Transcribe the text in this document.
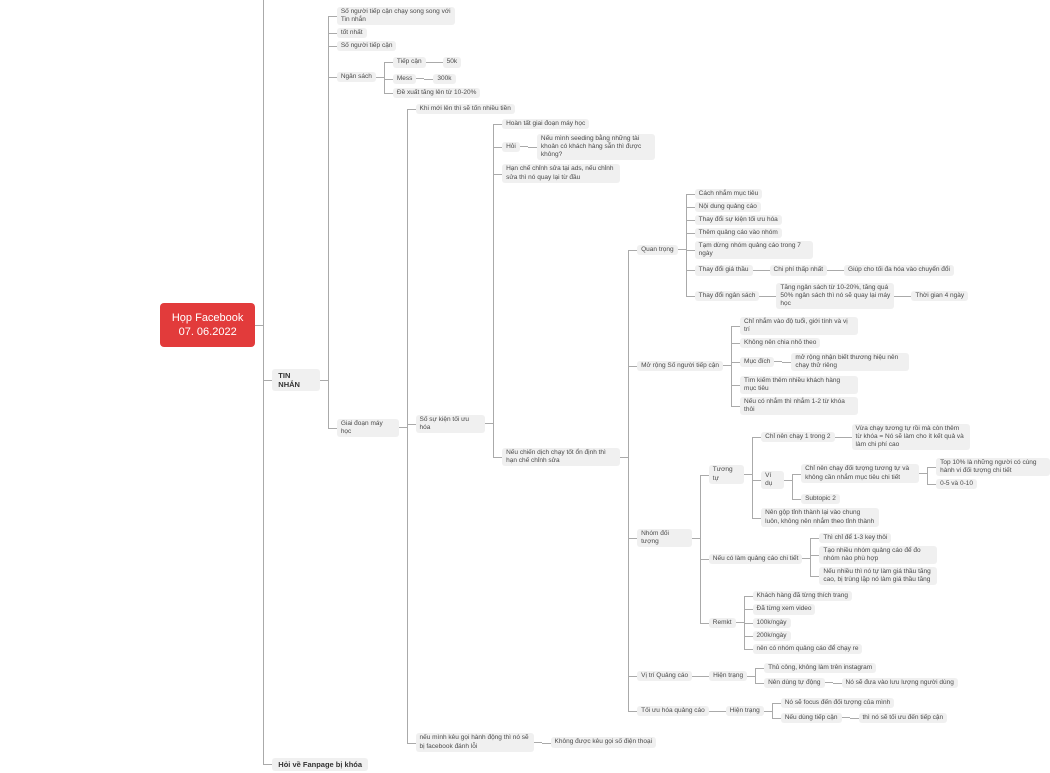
Họp Facebook 07. 06.2022
TIN NHẮN
Số người tiếp cận chạy song song với Tin nhắn
tốt nhất
Số người tiếp cận
Ngân sách
Tiếp cận	50k
Mess	300k
Đề xuất tăng lên từ 10-20%
Giai đoạn máy học
Khi mới lên thì sẽ tốn nhiều tiền
Số sự kiện tối ưu hóa
Hoàn tất giai đoạn máy học
Hỏi
Nếu mình seeding bằng những tài khoản có khách hàng sẵn thì được không?
Hạn chế chỉnh sửa tại ads, nếu chỉnh sửa thì nó quay lại từ đầu
Nếu chiến dịch chạy tốt ổn định thì hạn chế chỉnh sửa
Quan trọng
Cách nhắm mục tiêu
Nội dung quảng cáo
Thay đổi sự kiện tối ưu hóa
Thêm quảng cáo vào nhóm
Tạm dừng nhóm quảng cáo trong 7 ngày
Thay đổi giá thầu	Chi phí thấp nhất	Giúp cho tối đa hóa vào chuyển đổi
Thay đổi ngân sách
Tăng ngân sách từ 10-20%, tăng quá 50% ngân sách thì nó sẽ quay lại máy học
Thời gian 4 ngày
Mở rộng Số người tiếp cận
Chỉ nhắm vào độ tuổi, giới tính và vị trí
Không nên chia nhỏ theo
Mục đích
mở rộng nhận biết thương hiệu nên chạy thử riêng
Tìm kiếm thêm nhiều khách hàng mục tiêu
Nếu có nhắm thì nhắm 1-2 từ khóa thôi
Nhóm đối tượng
Tương tự
Chỉ nên chạy 1 trong 2
Vừa chạy tương tự rồi mà còn thêm từ khóa = Nó sẽ làm cho ít kết quả và làm chi phí cao
Ví dụ
Chỉ nên chạy đối tượng tương tự và không cần nhắm mục tiêu chi tiết
Top 10% là những người có cùng hành vi đối tượng chi tiết
0-5 và 0-10
Subtopic 2
Nên gộp tỉnh thành lại vào chung luôn, không nên nhắm theo tỉnh thành
Nếu có làm quảng cáo chi tiết
Thì chỉ để 1-3 key thôi
Tạo nhiều nhóm quảng cáo để đo nhóm nào phù hợp
Nếu nhiều thì nó tự làm giá thầu tăng cao, bị trùng lặp nó làm giá thầu tăng
Remkt
Khách hàng đã từng thích trang
Đã từng xem video
100k/ngày
200k/ngày
nên có nhóm quảng cáo để chạy re
Vị trí Quảng cáo	Hiện trạng
Thủ công, không làm trên instagram
Nên dùng tự động	Nó sẽ đưa vào lưu lượng người dùng
Tối ưu hóa quảng cáo	Hiện trạng
Nó sẽ focus đến đối tượng của mình
Nếu dùng tiếp cận	thì nó sẽ tối ưu đến tiếp cận
nếu mình kêu gọi hành động thì nó sẽ bị facebook đánh lỗi
Không được kêu gọi số điện thoại
Hỏi về Fanpage bị khóa
